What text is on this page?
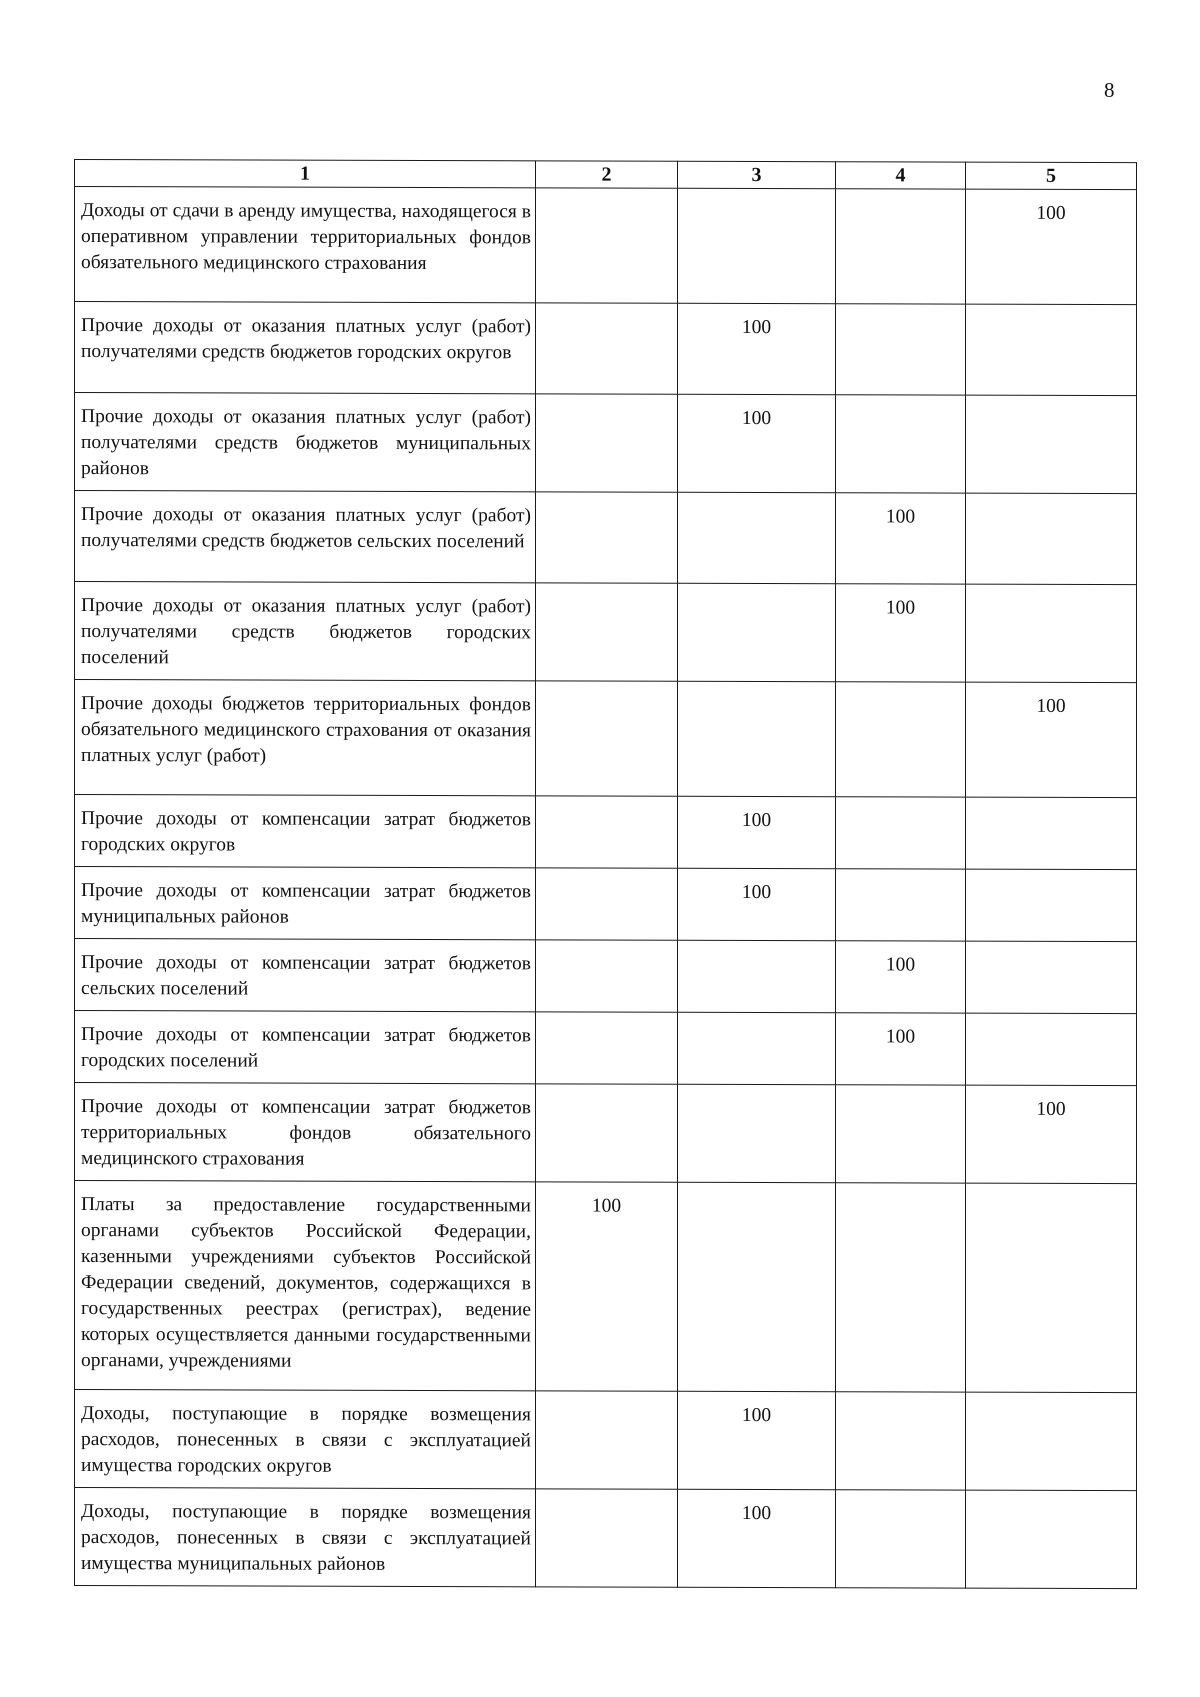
8
1	2	3	4	5
Доходы от сдачи в аренду имущества, находящегося в оперативном управлении территориальных фондов обязательного медицинского страхования				100
Прочие доходы от оказания платных услуг (работ) получателями средств бюджетов городских округов		100		
Прочие доходы от оказания платных услуг (работ) получателями средств бюджетов муниципальных районов		100		
Прочие доходы от оказания платных услуг (работ) получателями средств бюджетов сельских поселений			100	
Прочие доходы от оказания платных услуг (работ) получателями средств бюджетов городских поселений			100	
Прочие доходы бюджетов территориальных фондов обязательного медицинского страхования от оказания платных услуг (работ)				100
Прочие доходы от компенсации затрат бюджетов городских округов		100		
Прочие доходы от компенсации затрат бюджетов муниципальных районов		100		
Прочие доходы от компенсации затрат бюджетов сельских поселений			100	
Прочие доходы от компенсации затрат бюджетов городских поселений			100	
Прочие доходы от компенсации затрат бюджетов территориальных фондов обязательного медицинского страхования				100
Платы за предоставление государственными органами субъектов Российской Федерации, казенными учреждениями субъектов Российской Федерации сведений, документов, содержащихся в государственных реестрах (регистрах), ведение которых осуществляется данными государственными органами, учреждениями	100			
Доходы, поступающие в порядке возмещения расходов, понесенных в связи с эксплуатацией имущества городских округов		100		
Доходы, поступающие в порядке возмещения расходов, понесенных в связи с эксплуатацией имущества муниципальных районов		100		
